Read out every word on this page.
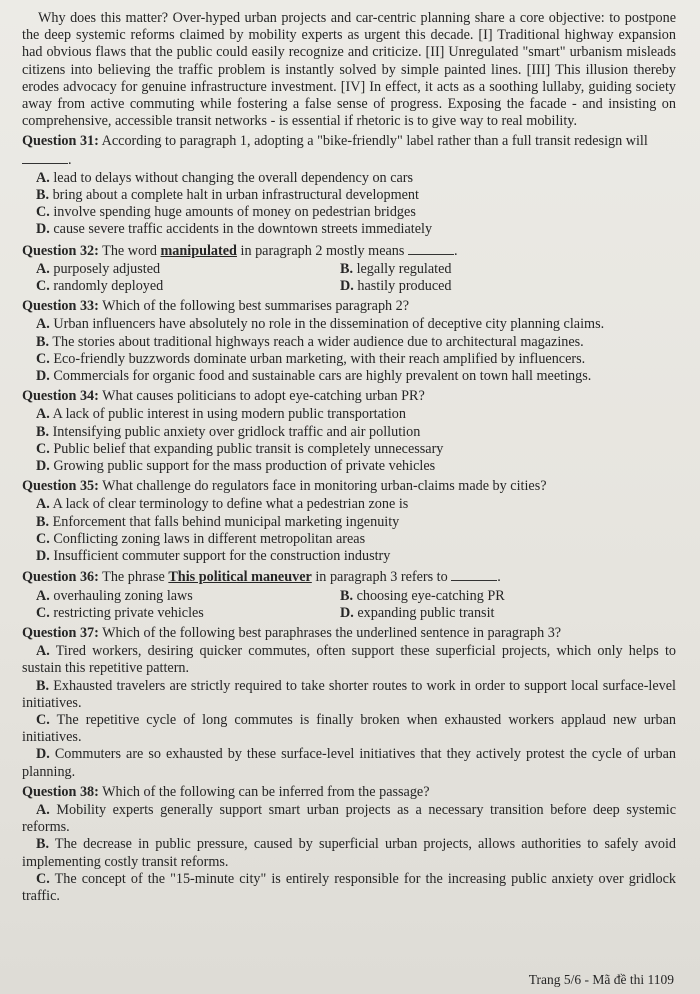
Why does this matter? Over-hyped urban projects and car-centric planning share a core objective: to postpone the deep systemic reforms claimed by mobility experts as urgent this decade. [I] Traditional highway expansion had obvious flaws that the public could easily recognize and criticize. [II] Unregulated "smart" urbanism misleads citizens into believing the traffic problem is instantly solved by simple painted lines. [III] This illusion thereby erodes advocacy for genuine infrastructure investment. [IV] In effect, it acts as a soothing lullaby, guiding society away from active commuting while fostering a false sense of progress. Exposing the facade - and insisting on comprehensive, accessible transit networks - is essential if rhetoric is to give way to real mobility.

Question 31: According to paragraph 1, adopting a "bike-friendly" label rather than a full transit redesign will .
A. lead to delays without changing the overall dependency on cars
B. bring about a complete halt in urban infrastructural development
C. involve spending huge amounts of money on pedestrian bridges
D. cause severe traffic accidents in the downtown streets immediately
Question 32: The word manipulated in paragraph 2 mostly means	.
A. purposely adjusted	B. legally regulated
C. randomly deployed	D. hastily produced
Question 33: Which of the following best summarises paragraph 2?
A. Urban influencers have absolutely no role in the dissemination of deceptive city planning claims.
B. The stories about traditional highways reach a wider audience due to architectural magazines.
C. Eco-friendly buzzwords dominate urban marketing, with their reach amplified by influencers.
D. Commercials for organic food and sustainable cars are highly prevalent on town hall meetings.
Question 34: What causes politicians to adopt eye-catching urban PR?
A. A lack of public interest in using modern public transportation
B. Intensifying public anxiety over gridlock traffic and air pollution
C. Public belief that expanding public transit is completely unnecessary
D. Growing public support for the mass production of private vehicles
Question 35: What challenge do regulators face in monitoring urban-claims made by cities?
A. A lack of clear terminology to define what a pedestrian zone is
B. Enforcement that falls behind municipal marketing ingenuity
C. Conflicting zoning laws in different metropolitan areas
D. Insufficient commuter support for the construction industry
Question 36: The phrase This political maneuver in paragraph 3 refers to	.
A. overhauling zoning laws	B. choosing eye-catching PR
C. restricting private vehicles	D. expanding public transit
Question 37: Which of the following best paraphrases the underlined sentence in paragraph 3?

A. Tired workers, desiring quicker commutes, often support these superficial projects, which only helps to sustain this repetitive pattern.

B. Exhausted travelers are strictly required to take shorter routes to work in order to support local surface-level initiatives.

C. The repetitive cycle of long commutes is finally broken when exhausted workers applaud new urban initiatives.

D. Commuters are so exhausted by these surface-level initiatives that they actively protest the cycle of urban planning.

Question 38: Which of the following can be inferred from the passage?

A. Mobility experts generally support smart urban projects as a necessary transition before deep systemic reforms.

B. The decrease in public pressure, caused by superficial urban projects, allows authorities to safely avoid implementing costly transit reforms.

C. The concept of the "15-minute city" is entirely responsible for the increasing public anxiety over gridlock traffic.

Trang 5/6 - Mã đề thi 1109
